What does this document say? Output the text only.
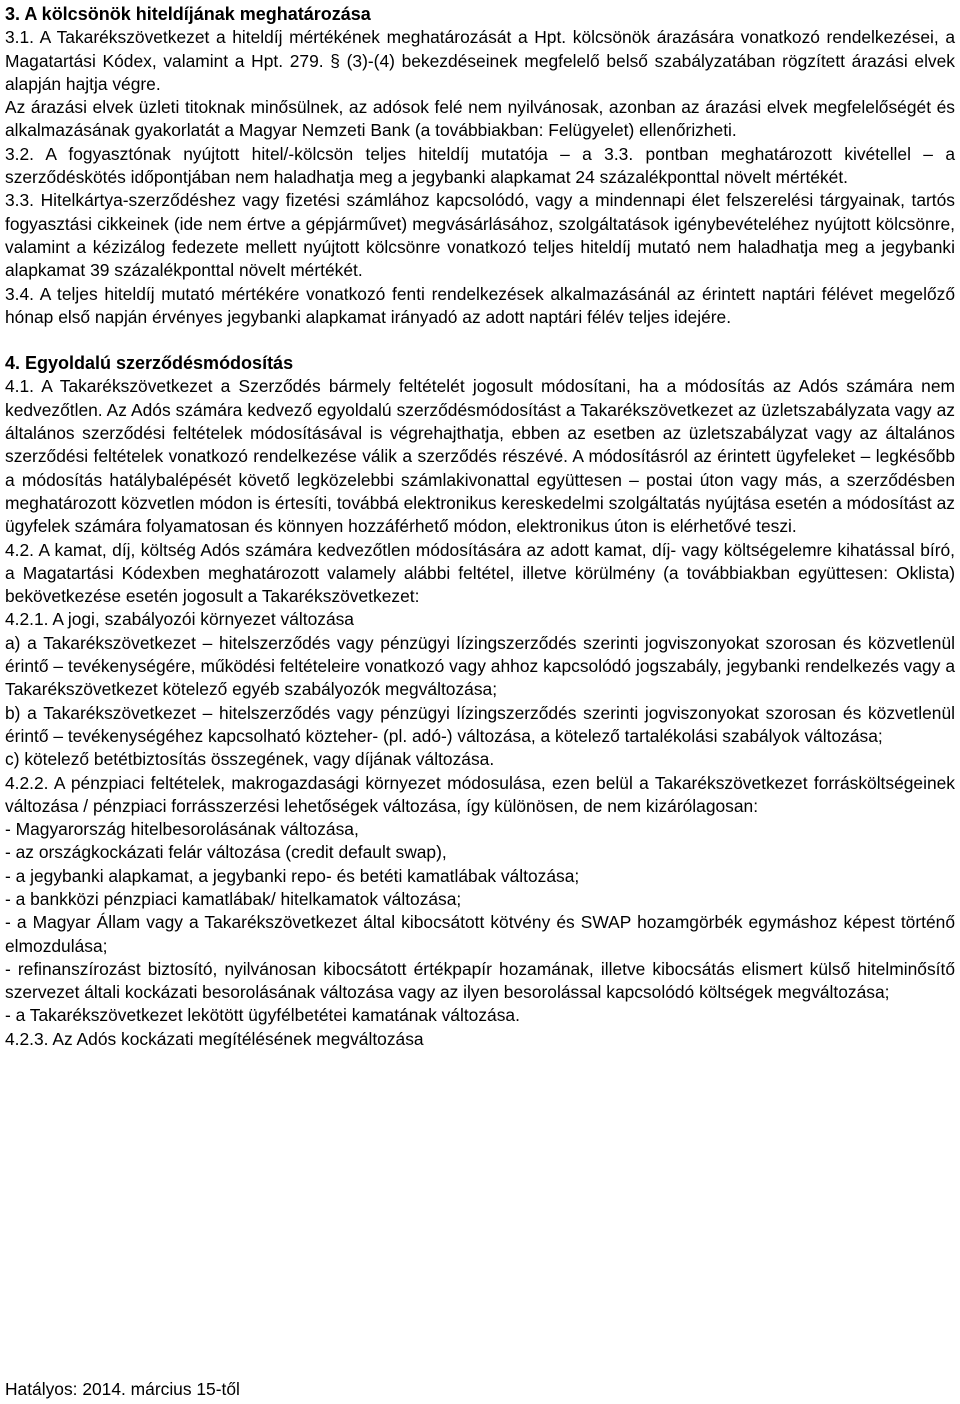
3. A kölcsönök hiteldíjának meghatározása

3.1. A Takarékszövetkezet a hiteldíj mértékének meghatározását a Hpt. kölcsönök árazására vonatkozó rendelkezései, a Magatartási Kódex, valamint a Hpt. 279. § (3)-(4) bekezdéseinek megfelelő belső szabályzatában rögzített árazási elvek alapján hajtja végre.

Az árazási elvek üzleti titoknak minősülnek, az adósok felé nem nyilvánosak, azonban az árazási elvek megfelelőségét és alkalmazásának gyakorlatát a Magyar Nemzeti Bank (a továbbiakban: Felügyelet) ellenőrizheti.

3.2. A fogyasztónak nyújtott hitel/-kölcsön teljes hiteldíj mutatója – a 3.3. pontban meghatározott kivétellel – a szerződéskötés időpontjában nem haladhatja meg a jegybanki alapkamat 24 százalékponttal növelt mértékét.

3.3. Hitelkártya-szerződéshez vagy fizetési számlához kapcsolódó, vagy a mindennapi élet felszerelési tárgyainak, tartós fogyasztási cikkeinek (ide nem értve a gépjárművet) megvásárlásához, szolgáltatások igénybevételéhez nyújtott kölcsönre, valamint a kézizálog fedezete mellett nyújtott kölcsönre vonatkozó teljes hiteldíj mutató nem haladhatja meg a jegybanki alapkamat 39 százalékponttal növelt mértékét.

3.4. A teljes hiteldíj mutató mértékére vonatkozó fenti rendelkezések alkalmazásánál az érintett naptári félévet megelőző hónap első napján érvényes jegybanki alapkamat irányadó az adott naptári félév teljes idejére.

4. Egyoldalú szerződésmódosítás

4.1. A Takarékszövetkezet a Szerződés bármely feltételét jogosult módosítani, ha a módosítás az Adós számára nem kedvezőtlen. Az Adós számára kedvező egyoldalú szerződésmódosítást a Takarékszövetkezet az üzletszabályzata vagy az általános szerződési feltételek módosításával is végrehajthatja, ebben az esetben az üzletszabályzat vagy az általános szerződési feltételek vonatkozó rendelkezése válik a szerződés részévé. A módosításról az érintett ügyfeleket – legkésőbb a módosítás hatálybalépését követő legközelebbi számlakivonattal együttesen – postai úton vagy más, a szerződésben meghatározott közvetlen módon is értesíti, továbbá elektronikus kereskedelmi szolgáltatás nyújtása esetén a módosítást az ügyfelek számára folyamatosan és könnyen hozzáférhető módon, elektronikus úton is elérhetővé teszi.

4.2. A kamat, díj, költség Adós számára kedvezőtlen módosítására az adott kamat, díj- vagy költségelemre kihatással bíró, a Magatartási Kódexben meghatározott valamely alábbi feltétel, illetve körülmény (a továbbiakban együttesen: Oklista) bekövetkezése esetén jogosult a Takarékszövetkezet:

4.2.1. A jogi, szabályozói környezet változása

a) a Takarékszövetkezet – hitelszerződés vagy pénzügyi lízingszerződés szerinti jogviszonyokat szorosan és közvetlenül érintő – tevékenységére, működési feltételeire vonatkozó vagy ahhoz kapcsolódó jogszabály, jegybanki rendelkezés vagy a Takarékszövetkezet kötelező egyéb szabályozók megváltozása;

b) a Takarékszövetkezet – hitelszerződés vagy pénzügyi lízingszerződés szerinti jogviszonyokat szorosan és közvetlenül érintő – tevékenységéhez kapcsolható közteher- (pl. adó-) változása, a kötelező tartalékolási szabályok változása;

c) kötelező betétbiztosítás összegének, vagy díjának változása.

4.2.2. A pénzpiaci feltételek, makrogazdasági környezet módosulása, ezen belül a Takarékszövetkezet forrásköltségeinek változása / pénzpiaci forrásszerzési lehetőségek változása, így különösen, de nem kizárólagosan:

- Magyarország hitelbesorolásának változása,

- az országkockázati felár változása (credit default swap),

- a jegybanki alapkamat, a jegybanki repo- és betéti kamatlábak változása;

- a bankközi pénzpiaci kamatlábak/ hitelkamatok változása;

- a Magyar Állam vagy a Takarékszövetkezet által kibocsátott kötvény és SWAP hozamgörbék egymáshoz képest történő elmozdulása;

- refinanszírozást biztosító, nyilvánosan kibocsátott értékpapír hozamának, illetve kibocsátás elismert külső hitelminősítő szervezet általi kockázati besorolásának változása vagy az ilyen besorolással kapcsolódó költségek megváltozása;

- a Takarékszövetkezet lekötött ügyfélbetétei kamatának változása.

4.2.3. Az Adós kockázati megítélésének megváltozása

Hatályos: 2014. március 15-től
